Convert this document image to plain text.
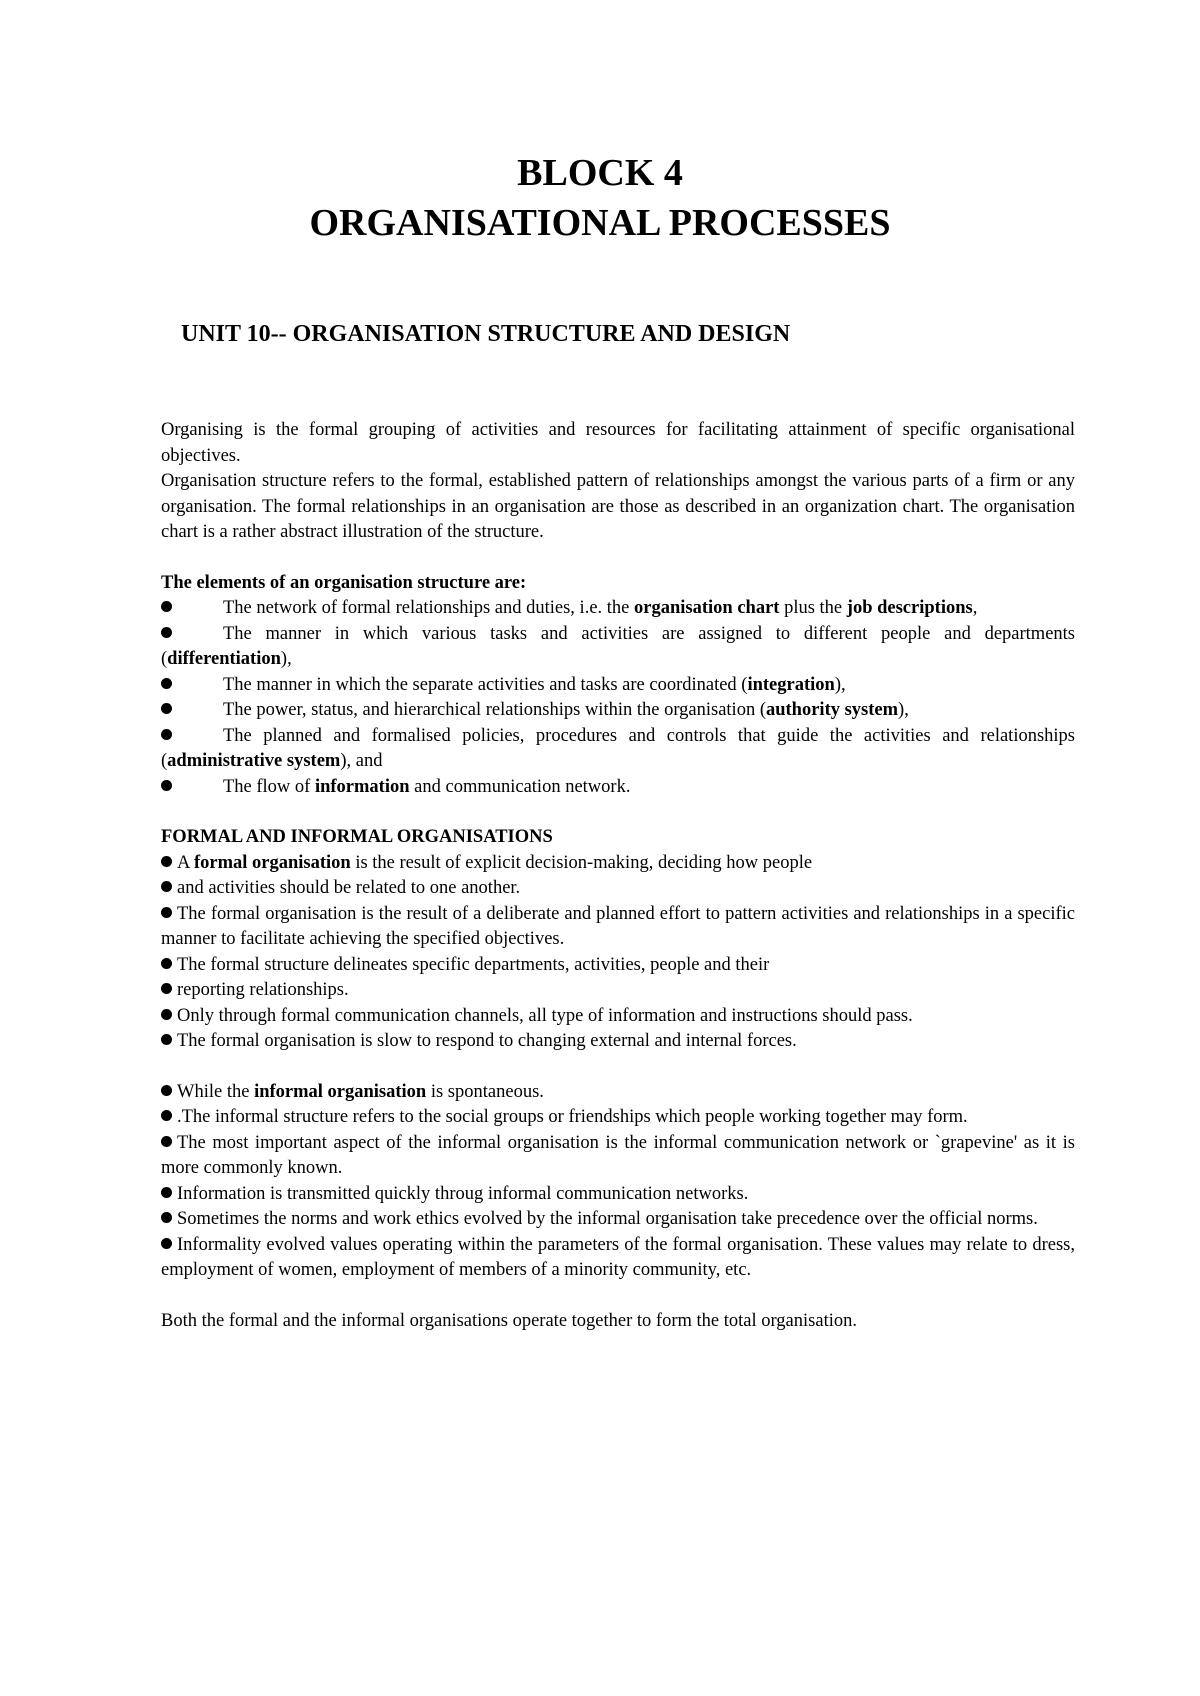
BLOCK 4
ORGANISATIONAL PROCESSES
UNIT 10-- ORGANISATION STRUCTURE AND DESIGN

Organising is the formal grouping of activities and resources for facilitating attainment of specific organisational objectives.

Organisation structure refers to the formal, established pattern of relationships amongst the various parts of a firm or any organisation. The formal relationships in an organisation are those as described in an organization chart. The organisation chart is a rather abstract illustration of the structure.

The elements of an organisation structure are:

The network of formal relationships and duties, i.e. the organisation chart plus the job descriptions,

The manner in which various tasks and activities are assigned to different people and departments (differentiation),

The manner in which the separate activities and tasks are coordinated (integration),

The power, status, and hierarchical relationships within the organisation (authority system),

The planned and formalised policies, procedures and controls that guide the activities and relationships (administrative system), and

The flow of information and communication network.

FORMAL AND INFORMAL ORGANISATIONS

A formal organisation is the result of explicit decision-making, deciding how people

and activities should be related to one another.

The formal organisation is the result of a deliberate and planned effort to pattern activities and relationships in a specific manner to facilitate achieving the specified objectives.

The formal structure delineates specific departments, activities, people and their

reporting relationships.

Only through formal communication channels, all type of information and instructions should pass.

The formal organisation is slow to respond to changing external and internal forces.

While the informal organisation is spontaneous.

.The informal structure refers to the social groups or friendships which people working together may form.

The most important aspect of the informal organisation is the informal communication network or `grapevine' as it is more commonly known.

Information is transmitted quickly throug informal communication networks.

Sometimes the norms and work ethics evolved by the informal organisation take precedence over the official norms.

Informality evolved values operating within the parameters of the formal organisation. These values may relate to dress, employment of women, employment of members of a minority community, etc.

Both the formal and the informal organisations operate together to form the total organisation.
